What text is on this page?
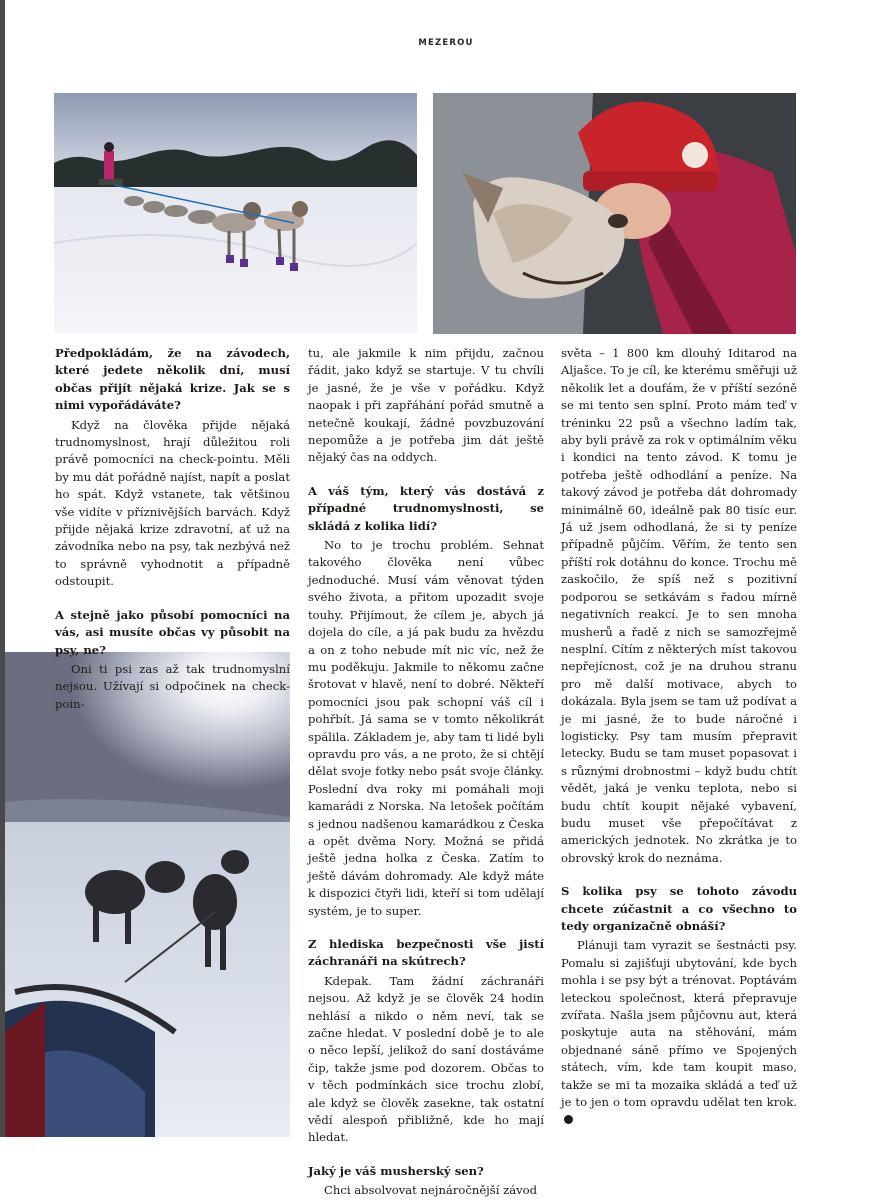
MEZEROU

Předpokládám, že na závodech, které jedete několik dní, musí občas přijít nějaká krize. Jak se s nimi vypořádáváte?

Když na člověka přijde nějaká trudnomyslnost, hrají důležitou roli právě pomocníci na check-pointu. Měli by mu dát pořádně najíst, napít a poslat ho spát. Když vstanete, tak většinou vše vidíte v příznivějších barvách. Když přijde nějaká krize zdravotní, ať už na závodníka nebo na psy, tak nezbývá než to správně vyhodnotit a případně odstoupit.

A stejně jako působí pomocníci na vás, asi musíte občas vy působit na psy, ne?

Oni ti psi zas až tak trudnomyslní nejsou. Užívají si odpočinek na check-poin-

tu, ale jakmile k nim přijdu, začnou řádit, jako když se startuje. V tu chvíli je jasné, že je vše v pořádku. Když naopak i při zapřáhání pořád smutně a netečně koukají, žádné povzbuzování nepomůže a je potřeba jim dát ještě nějaký čas na oddych.

A váš tým, který vás dostává z případné trudnomyslnosti, se skládá z kolika lidí?

No to je trochu problém. Sehnat takového člověka není vůbec jednoduché. Musí vám věnovat týden svého života, a přitom upozadit svoje touhy. Přijímout, že cílem je, abych já dojela do cíle, a já pak budu za hvězdu a on z toho nebude mít nic víc, než že mu poděkuju. Jakmile to někomu začne šrotovat v hlavě, není to dobré. Někteří pomocníci jsou pak schopní váš cíl i pohřbít. Já sama se v tomto několikrát spálila. Základem je, aby tam ti lidé byli opravdu pro vás, a ne proto, že si chtějí dělat svoje fotky nebo psát svoje články. Poslední dva roky mi pomáhali moji kamarádi z Norska. Na letošek počítám s jednou nadšenou kamarádkou z Česka a opět dvěma Nory. Možná se přidá ještě jedna holka z Česka. Zatím to ještě dávám dohromady. Ale když máte k dispozici čtyři lidi, kteří si tom udělají systém, je to super.

Z hlediska bezpečnosti vše jistí záchranáři na skútrech?

Kdepak. Tam žádní záchranáři nejsou. Až když je se člověk 24 hodin nehlásí a nikdo o něm neví, tak se začne hledat. V poslední době je to ale o něco lepší, jelikož do saní dostáváme čip, takže jsme pod dozorem. Občas to v těch podmínkách sice trochu zlobí, ale když se člověk zasekne, tak ostatní vědí alespoň přibližně, kde ho mají hledat.

Jaký je váš musherský sen?

Chci absolvovat nejnáročnější závod

světa – 1 800 km dlouhý Iditarod na Aljašce. To je cíl, ke kterému směřuji už několik let a doufám, že v příští sezóně se mi tento sen splní. Proto mám teď v tréninku 22 psů a všechno ladím tak, aby byli právě za rok v optimálním věku i kondici na tento závod. K tomu je potřeba ještě odhodlání a peníze. Na takový závod je potřeba dát dohromady minimálně 60, ideálně pak 80 tisíc eur. Já už jsem odhodlaná, že si ty peníze případně půjčím. Věřím, že tento sen příští rok dotáhnu do konce. Trochu mě zaskočilo, že spíš než s pozitivní podporou se setkávám s řadou mírně negativních reakcí. Je to sen mnoha musherů a řadě z nich se samozřejmě nesplní. Cítím z některých míst takovou nepřejícnost, což je na druhou stranu pro mě další motivace, abych to dokázala. Byla jsem se tam už podívat a je mi jasné, že to bude náročné i logisticky. Psy tam musím přepravit letecky. Budu se tam muset popasovat i s různými drobnostmi – když budu chtít vědět, jaká je venku teplota, nebo si budu chtít koupit nějaké vybavení, budu muset vše přepočítávat z amerických jednotek. No zkrátka je to obrovský krok do neznáma.

S kolika psy se tohoto závodu chcete zúčastnit a co všechno to tedy organizačně obnáší?

Plánuji tam vyrazit se šestnácti psy. Pomalu si zajišťuji ubytování, kde bych mohla i se psy být a trénovat. Poptávám leteckou společnost, která přepravuje zvířata. Našla jsem půjčovnu aut, která poskytuje auta na stěhování, mám objednané sáně přímo ve Spojených státech, vím, kde tam koupit maso, takže se mi ta mozaika skládá a teď už je to jen o tom opravdu udělat ten krok.
